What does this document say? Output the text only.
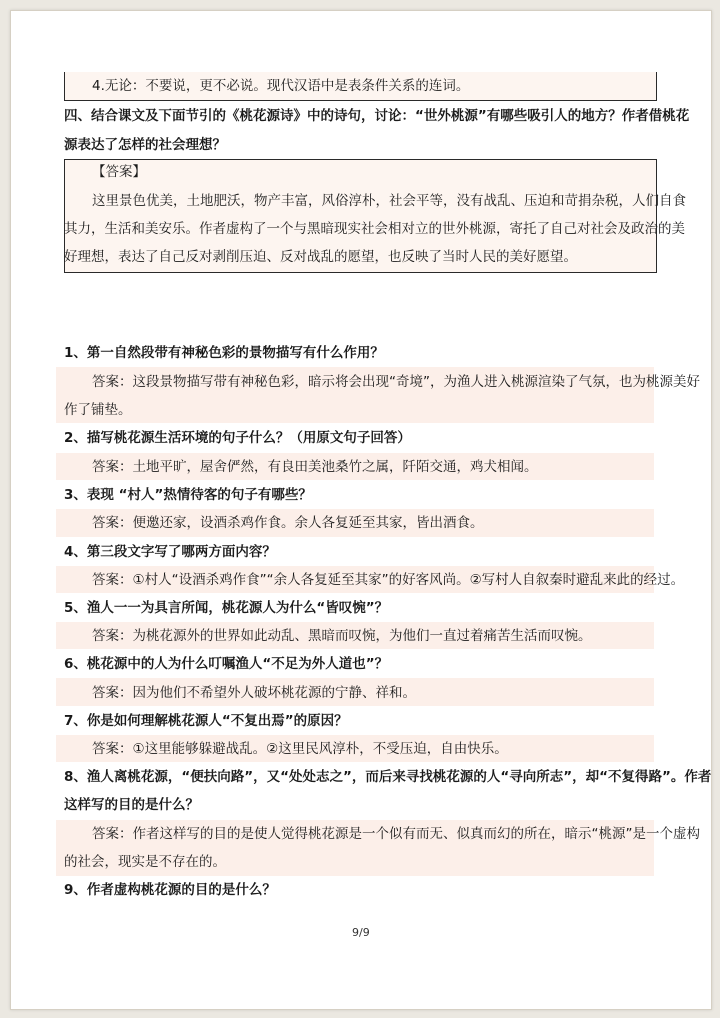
4.无论：不要说，更不必说。现代汉语中是表条件关系的连词。
四、结合课文及下面节引的《桃花源诗》中的诗句，讨论：“世外桃源”有哪些吸引人的地方？作者借桃花
源表达了怎样的社会理想？
【答案】
这里景色优美，土地肥沃，物产丰富，风俗淳朴，社会平等，没有战乱、压迫和苛捐杂税，人们自食
其力，生活和美安乐。作者虚构了一个与黑暗现实社会相对立的世外桃源，寄托了自己对社会及政治的美
好理想，表达了自己反对剥削压迫、反对战乱的愿望，也反映了当时人民的美好愿望。
1、第一自然段带有神秘色彩的景物描写有什么作用？
答案：这段景物描写带有神秘色彩，暗示将会出现“奇境”，为渔人进入桃源渲染了气氛，也为桃源美好
作了铺垫。
2、描写桃花源生活环境的句子什么？（用原文句子回答）
答案：土地平旷，屋舍俨然，有良田美池桑竹之属，阡陌交通，鸡犬相闻。
3、表现 “村人”热情待客的句子有哪些？
答案：便邀还家，设酒杀鸡作食。余人各复延至其家，皆出酒食。
4、第三段文字写了哪两方面内容？
答案：①村人“设酒杀鸡作食”“余人各复延至其家”的好客风尚。②写村人自叙秦时避乱来此的经过。
5、渔人一一为具言所闻，桃花源人为什么“皆叹惋”？
答案：为桃花源外的世界如此动乱、黑暗而叹惋，为他们一直过着痛苦生活而叹惋。
6、桃花源中的人为什么叮嘱渔人“不足为外人道也”？
答案：因为他们不希望外人破坏桃花源的宁静、祥和。
7、你是如何理解桃花源人“不复出焉”的原因？
答案：①这里能够躲避战乱。②这里民风淳朴，不受压迫，自由快乐。
8、渔人离桃花源，“便扶向路”，又“处处志之”，而后来寻找桃花源的人“寻向所志”，却“不复得路”。作者
这样写的目的是什么？
答案：作者这样写的目的是使人觉得桃花源是一个似有而无、似真而幻的所在，暗示“桃源”是一个虚构
的社会，现实是不存在的。
9、作者虚构桃花源的目的是什么？
9/9
